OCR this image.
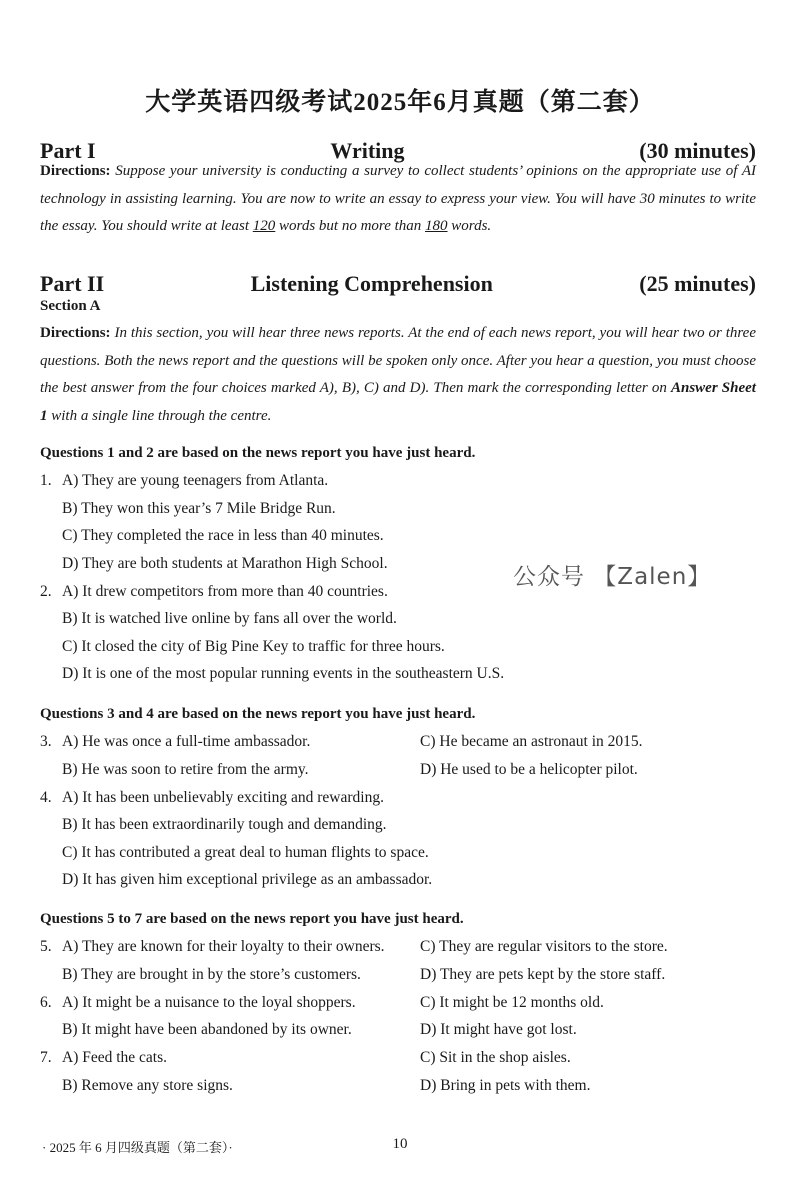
大学英语四级考试2025年6月真题（第二套）
Part I	Writing	(30 minutes)
Directions: Suppose your university is conducting a survey to collect students’ opinions on the appropriate use of AI technology in assisting learning. You are now to write an essay to express your view. You will have 30 minutes to write the essay. You should write at least 120 words but no more than 180 words.
Part II	Listening Comprehension	(25 minutes)
Section A
Directions: In this section, you will hear three news reports. At the end of each news report, you will hear two or three questions. Both the news report and the questions will be spoken only once. After you hear a question, you must choose the best answer from the four choices marked A), B), C) and D). Then mark the corresponding letter on Answer Sheet 1 with a single line through the centre.
Questions 1 and 2 are based on the news report you have just heard.
1. A) They are young teenagers from Atlanta.
B) They won this year’s 7 Mile Bridge Run.
C) They completed the race in less than 40 minutes.
D) They are both students at Marathon High School.
2. A) It drew competitors from more than 40 countries.
B) It is watched live online by fans all over the world.
C) It closed the city of Big Pine Key to traffic for three hours.
D) It is one of the most popular running events in the southeastern U.S.
公众号 【Zalen】
Questions 3 and 4 are based on the news report you have just heard.
3. A) He was once a full-time ambassador.	C) He became an astronaut in 2015.
B) He was soon to retire from the army.	D) He used to be a helicopter pilot.
4. A) It has been unbelievably exciting and rewarding.
B) It has been extraordinarily tough and demanding.
C) It has contributed a great deal to human flights to space.
D) It has given him exceptional privilege as an ambassador.
Questions 5 to 7 are based on the news report you have just heard.
5. A) They are known for their loyalty to their owners. C) They are regular visitors to the store.
B) They are brought in by the store’s customers.	D) They are pets kept by the store staff.
6. A) It might be a nuisance to the loyal shoppers.	C) It might be 12 months old.
B) It might have been abandoned by its owner.	D) It might have got lost.
7. A) Feed the cats.	C) Sit in the shop aisles.
B) Remove any store signs.	D) Bring in pets with them.
· 2025 年 6 月四级真题（第二套）·	10
